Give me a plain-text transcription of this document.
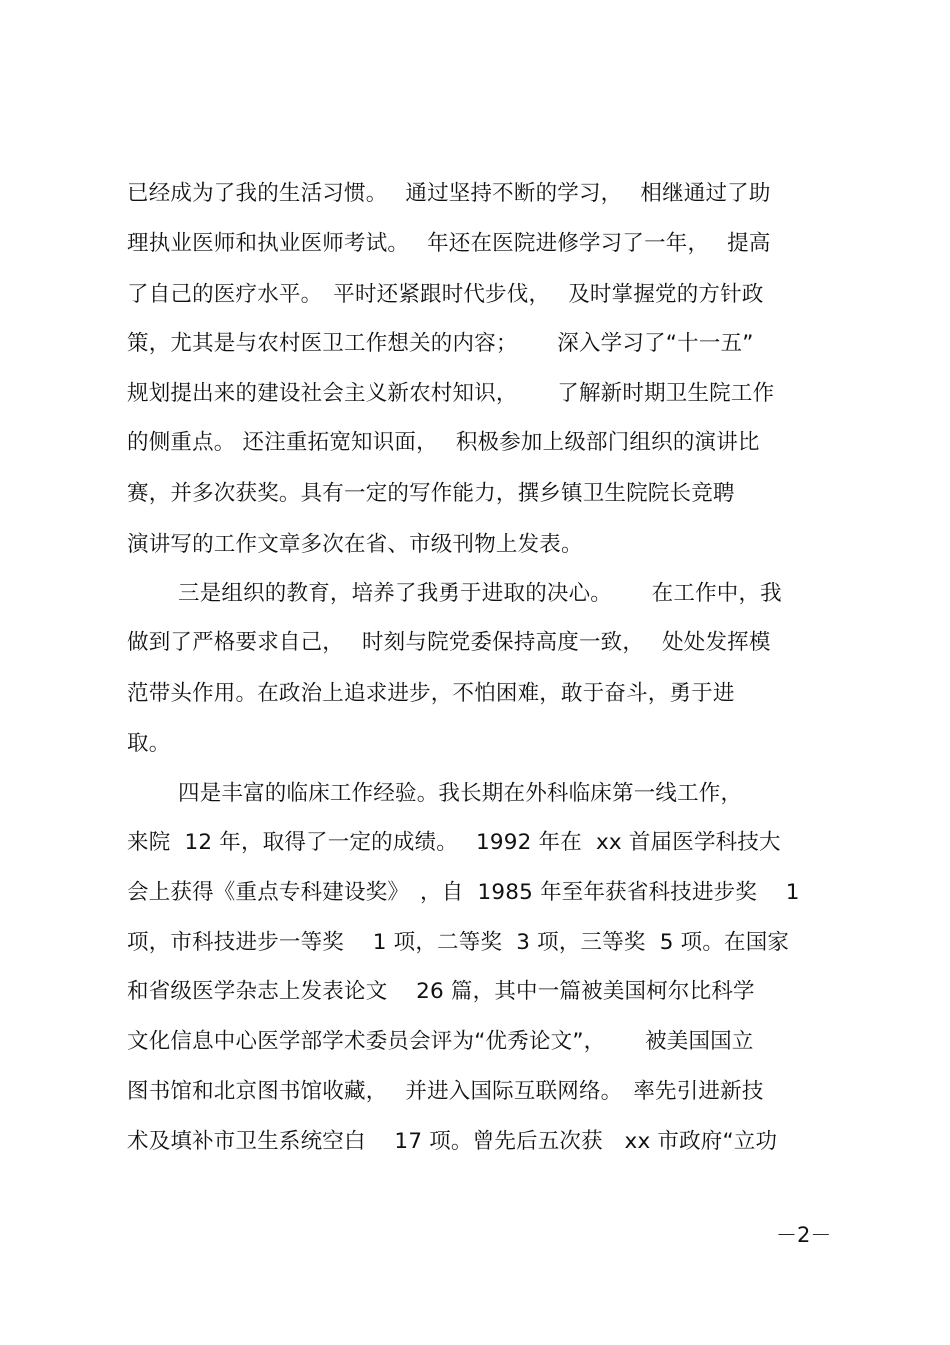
已经成为了我的生活习惯。　 通过坚持不断的学习，　 相继通过了助
理执业医师和执业医师考试。　 年还在医院进修学习了一年，　 提高
了自己的医疗水平。　平时还紧跟时代步伐，　 及时掌握党的方针政
策，尤其是与农村医卫工作想关的内容；　 　深入学习了“十一五”
规划提出来的建设社会主义新农村知识，　 　了解新时期卫生院工作
的侧重点。 还注重拓宽知识面，　 积极参加上级部门组织的演讲比
赛，并多次获奖。具有一定的写作能力，撰乡镇卫生院院长竞聘
演讲写的工作文章多次在省、市级刊物上发表。
三是组织的教育，培养了我勇于进取的决心。　 　在工作中，我
做到了严格要求自己，　 时刻与院党委保持高度一致，　 处处发挥模
范带头作用。在政治上追求进步，不怕困难，敢于奋斗，勇于进
取。
四是丰富的临床工作经验。我长期在外科临床第一线工作，
来院  12 年，取得了一定的成绩。　 1992 年在  xx 首届医学科技大
会上获得《重点专科建设奖》　，自  1985 年至年获省科技进步奖　 1
项，市科技进步一等奖　 1 项，二等奖  3 项，三等奖  5 项。在国家
和省级医学杂志上发表论文　 26 篇，其中一篇被美国柯尔比科学
文化信息中心医学部学术委员会评为“优秀论文”，　 　被美国国立
图书馆和北京图书馆收藏，　 并进入国际互联网络。　率先引进新技
术及填补市卫生系统空白　 17 项。曾先后五次获　xx 市政府“立功
－2－
